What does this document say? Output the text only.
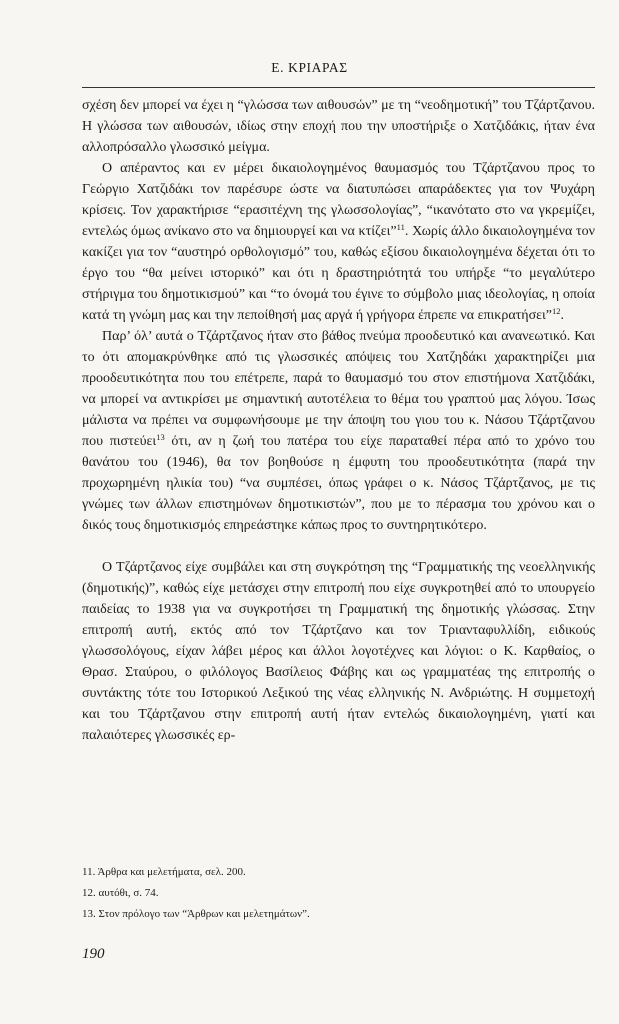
Ε. ΚΡΙΑΡΑΣ

σχέση δεν μπορεί να έχει η “γλώσσα των αιθουσών” με τη “νεοδημοτική” του Τζάρτζανου. Η γλώσσα των αιθουσών, ιδίως στην εποχή που την υποστήριξε ο Χατζιδάκις, ήταν ένα αλλοπρόσαλλο γλωσσικό μείγμα.

Ο απέραντος και εν μέρει δικαιολογημένος θαυμασμός του Τζάρτζανου προς το Γεώργιο Χατζιδάκι τον παρέσυρε ώστε να διατυπώσει απαράδεκτες για τον Ψυχάρη κρίσεις. Τον χαρακτήρισε “ερασιτέχνη της γλωσσολογίας”, “ικανότατο στο να γκρεμίζει, εντελώς όμως ανίκανο στο να δημιουργεί και να κτίζει”$^{11}$. Χωρίς άλλο δικαιολογημένα τον κακίζει για τον “αυστηρό ορθολογισμό” του, καθώς εξίσου δικαιολογημένα δέχεται ότι το έργο του “θα μείνει ιστορικό” και ότι η δραστηριότητά του υπήρξε “το μεγαλύτερο στήριγμα του δημοτικισμού” και “το όνομά του έγινε το σύμβολο μιας ιδεολογίας, η οποία κατά τη γνώμη μας και την πεποίθησή μας αργά ή γρήγορα έπρεπε να επικρατήσει”$^{12}$.

Παρ’ όλ’ αυτά ο Τζάρτζανος ήταν στο βάθος πνεύμα προοδευτικό και ανανεωτικό. Και το ότι απομακρύνθηκε από τις γλωσσικές απόψεις του Χατζηδάκι χαρακτηρίζει μια προοδευτικότητα που του επέτρεπε, παρά το θαυμασμό του στον επιστήμονα Χατζιδάκι, να μπορεί να αντικρίσει με σημαντική αυτοτέλεια το θέμα του γραπτού μας λόγου. Ίσως μάλιστα να πρέπει να συμφωνήσουμε με την άποψη του γιου του κ. Νάσου Τζάρτζανου που πιστεύει$^{13}$ ότι, αν η ζωή του πατέρα του είχε παραταθεί πέρα από το χρόνο του θανάτου του (1946), θα τον βοηθούσε η έμφυτη του προοδευτικότητα (παρά την προχωρημένη ηλικία του) “να συμπέσει, όπως γράφει ο κ. Νάσος Τζάρτζανος, με τις γνώμες των άλλων επιστημόνων δημοτικιστών”, που με το πέρασμα του χρόνου και ο δικός τους δημοτικισμός επηρεάστηκε κάπως προς το συντηρητικότερο.

Ο Τζάρτζανος είχε συμβάλει και στη συγκρότηση της “Γραμματικής της νεοελληνικής (δημοτικής)”, καθώς είχε μετάσχει στην επιτροπή που είχε συγκροτηθεί από το υπουργείο παιδείας το 1938 για να συγκροτήσει τη Γραμματική της δημοτικής γλώσσας. Στην επιτροπή αυτή, εκτός από τον Τζάρτζανο και τον Τριανταφυλλίδη, ειδικούς γλωσσολόγους, είχαν λάβει μέρος και άλλοι λογοτέχνες και λόγιοι: ο Κ. Καρθαίος, ο Θρασ. Σταύρου, ο φιλόλογος Βασίλειος Φάβης και ως γραμματέας της επιτροπής ο συντάκτης τότε του Ιστορικού Λεξικού της νέας ελληνικής Ν. Ανδριώτης. Η συμμετοχή και του Τζάρτζανου στην επιτροπή αυτή ήταν εντελώς δικαιολογημένη, γιατί και παλαιότερες γλωσσικές ερ-

11. Άρθρα και μελετήματα, σελ. 200.
12. αυτόθι, σ. 74.
13. Στον πρόλογο των “Άρθρων και μελετημάτων”.
190
